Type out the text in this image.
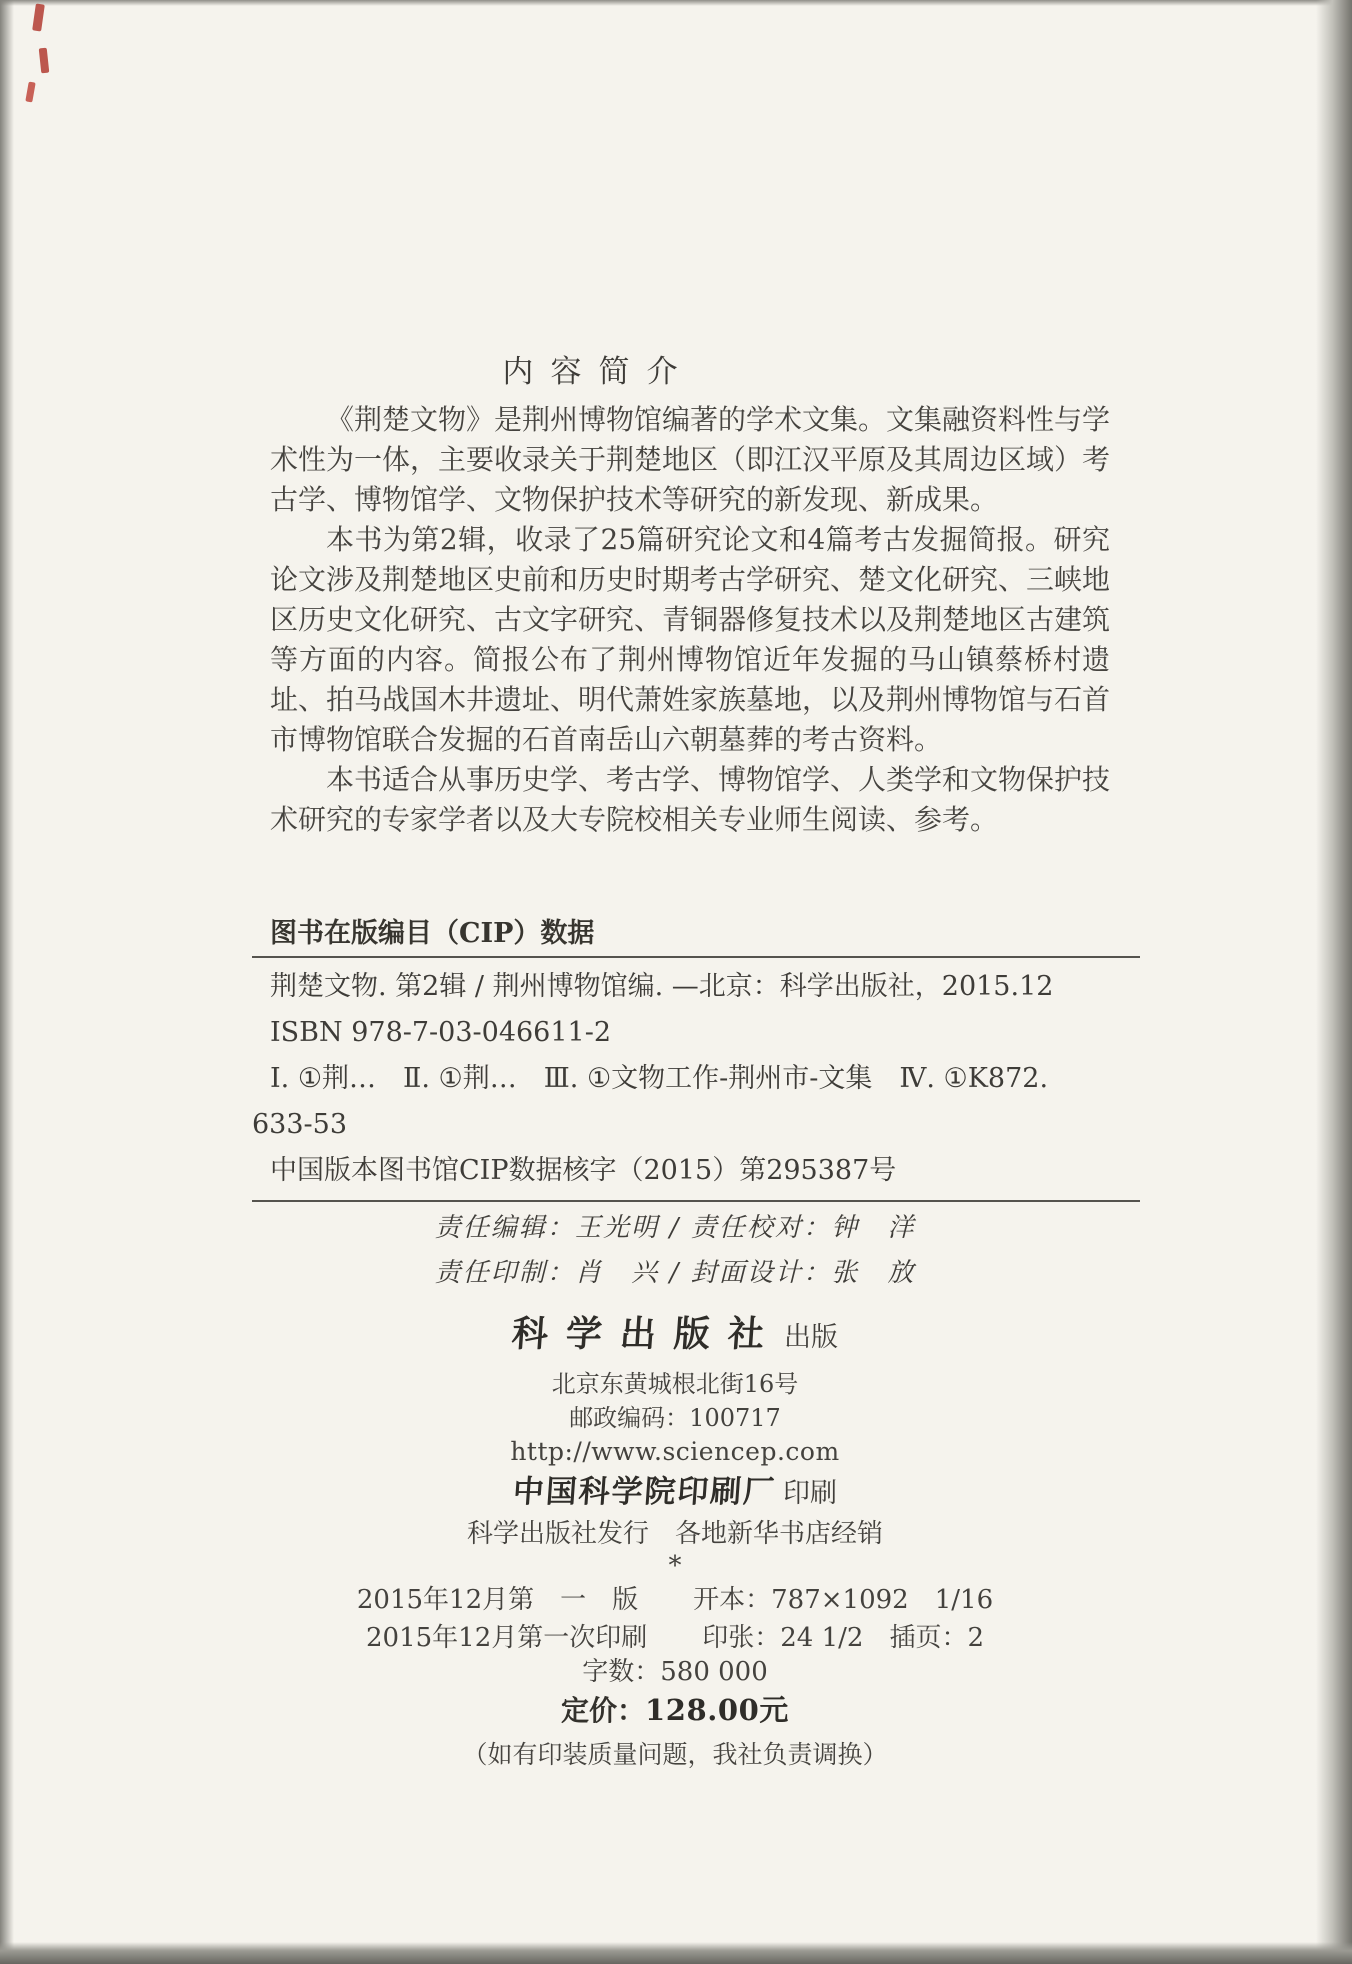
内容简介

《荆楚文物》是荆州博物馆编著的学术文集。文集融资料性与学术性为一体，主要收录关于荆楚地区（即江汉平原及其周边区域）考古学、博物馆学、文物保护技术等研究的新发现、新成果。

本书为第2辑，收录了25篇研究论文和4篇考古发掘简报。研究论文涉及荆楚地区史前和历史时期考古学研究、楚文化研究、三峡地区历史文化研究、古文字研究、青铜器修复技术以及荆楚地区古建筑等方面的内容。简报公布了荆州博物馆近年发掘的马山镇蔡桥村遗址、拍马战国木井遗址、明代萧姓家族墓地，以及荆州博物馆与石首市博物馆联合发掘的石首南岳山六朝墓葬的考古资料。

本书适合从事历史学、考古学、博物馆学、人类学和文物保护技术研究的专家学者以及大专院校相关专业师生阅读、参考。

图书在版编目（CIP）数据
荆楚文物. 第2辑 / 荆州博物馆编. —北京：科学出版社，2015.12
ISBN 978-7-03-046611-2
Ⅰ. ①荆…　Ⅱ. ①荆…　Ⅲ. ①文物工作-荆州市-文集　Ⅳ. ①K872.
633-53
中国版本图书馆CIP数据核字（2015）第295387号
责任编辑：王光明 / 责任校对：钟　洋
责任印制：肖　兴 / 封面设计：张　放
科学出版社出版
北京东黄城根北街16号
邮政编码：100717
http://www.sciencep.com
中国科学院印刷厂 印刷
科学出版社发行　各地新华书店经销
*
2015年12月第　一　版 开本：787×1092　1/16
2015年12月第一次印刷 印张：24 1/2　插页：2
字数：580 000
定价：128.00元
（如有印装质量问题，我社负责调换）
